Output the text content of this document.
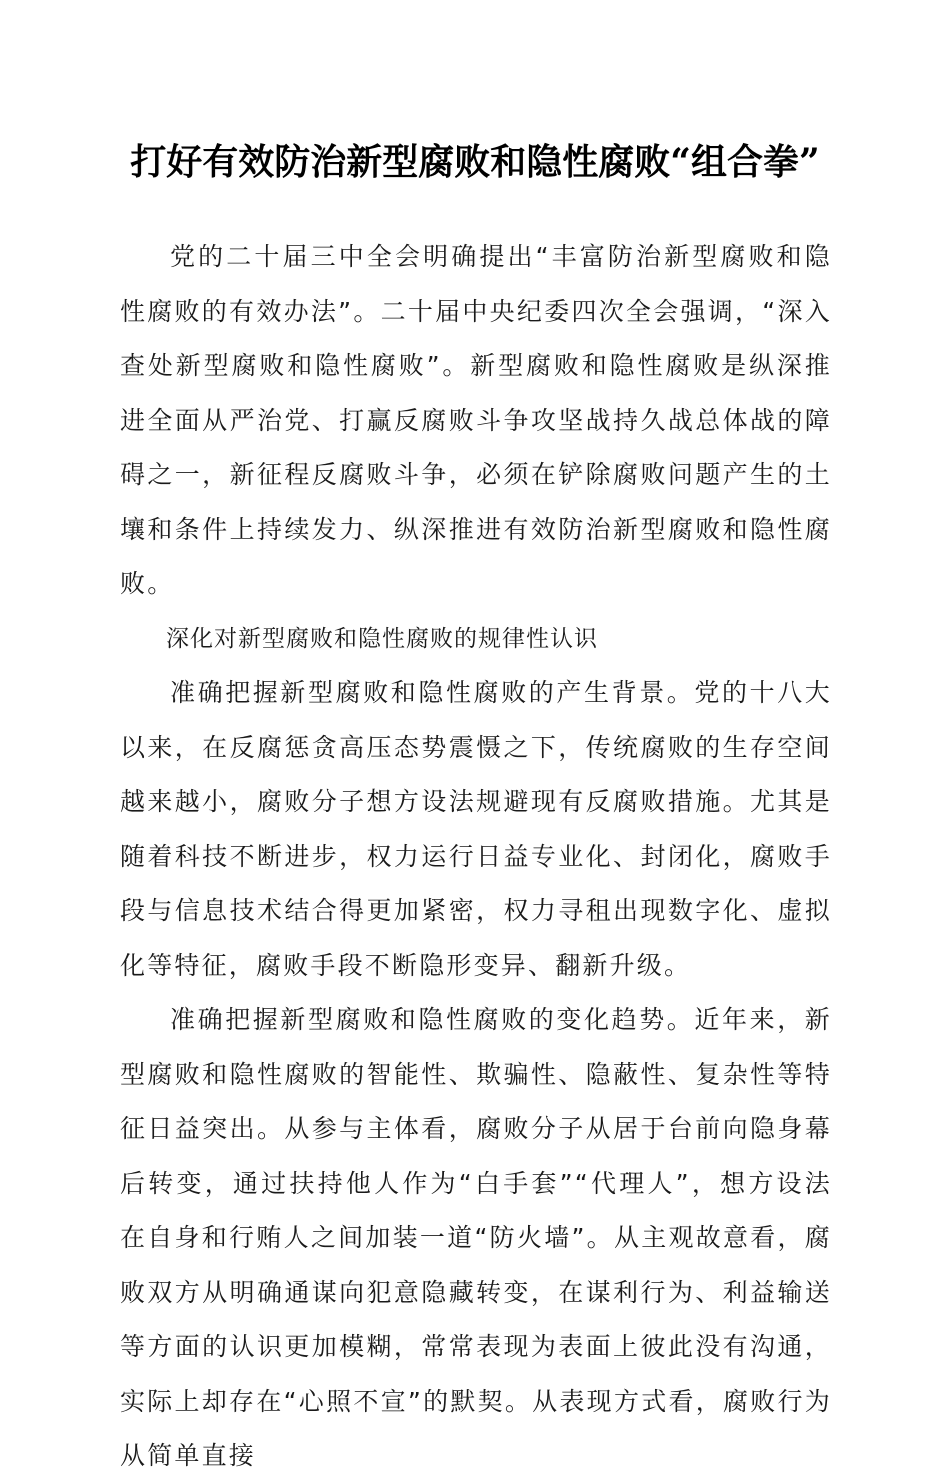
打好有效防治新型腐败和隐性腐败“组合拳”

党的二十届三中全会明确提出“丰富防治新型腐败和隐性腐败的有效办法”。二十届中央纪委四次全会强调，“深入查处新型腐败和隐性腐败”。新型腐败和隐性腐败是纵深推进全面从严治党、打赢反腐败斗争攻坚战持久战总体战的障碍之一，新征程反腐败斗争，必须在铲除腐败问题产生的土壤和条件上持续发力、纵深推进有效防治新型腐败和隐性腐败。

深化对新型腐败和隐性腐败的规律性认识

准确把握新型腐败和隐性腐败的产生背景。党的十八大以来，在反腐惩贪高压态势震慑之下，传统腐败的生存空间越来越小，腐败分子想方设法规避现有反腐败措施。尤其是随着科技不断进步，权力运行日益专业化、封闭化，腐败手段与信息技术结合得更加紧密，权力寻租出现数字化、虚拟化等特征，腐败手段不断隐形变异、翻新升级。

准确把握新型腐败和隐性腐败的变化趋势。近年来，新型腐败和隐性腐败的智能性、欺骗性、隐蔽性、复杂性等特征日益突出。从参与主体看，腐败分子从居于台前向隐身幕后转变，通过扶持他人作为“白手套”“代理人”，想方设法在自身和行贿人之间加装一道“防火墙”。从主观故意看，腐败双方从明确通谋向犯意隐藏转变，在谋利行为、利益输送等方面的认识更加模糊，常常表现为表面上彼此没有沟通，实际上却存在“心照不宣”的默契。从表现方式看，腐败行为从简单直接
